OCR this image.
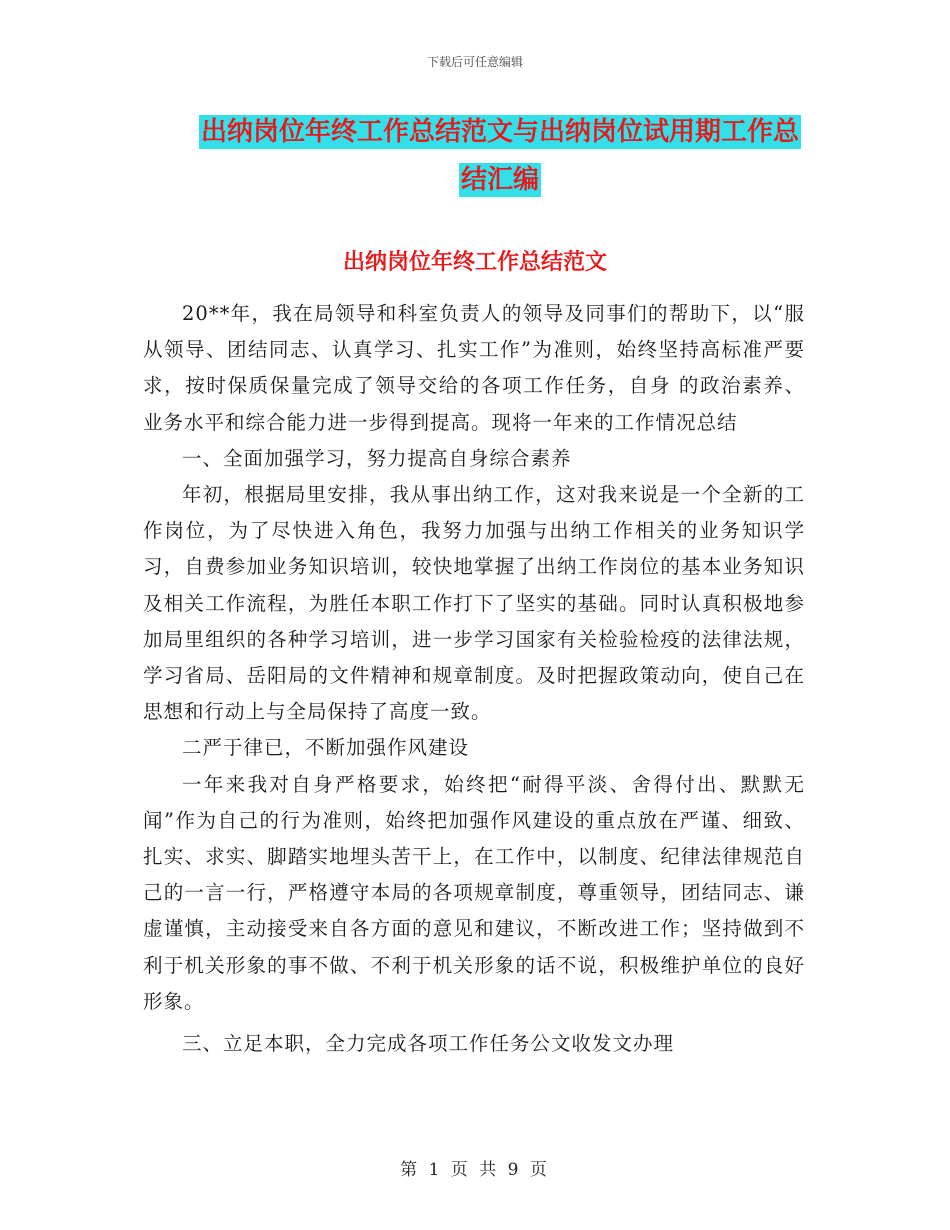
下载后可任意编辑
出纳岗位年终工作总结范文与出纳岗位试用期工作总
结汇编
出纳岗位年终工作总结范文

20**年，我在局领导和科室负责人的领导及同事们的帮助下，以“服从领导、团结同志、认真学习、扎实工作”为准则，始终坚持高标准严要求，按时保质保量完成了领导交给的各项工作任务，自身 的政治素养、业务水平和综合能力进一步得到提高。现将一年来的工作情况总结

一、全面加强学习，努力提高自身综合素养

年初，根据局里安排，我从事出纳工作，这对我来说是一个全新的工作岗位，为了尽快进入角色，我努力加强与出纳工作相关的业务知识学习，自费参加业务知识培训，较快地掌握了出纳工作岗位的基本业务知识及相关工作流程，为胜任本职工作打下了坚实的基础。同时认真积极地参加局里组织的各种学习培训，进一步学习国家有关检验检疫的法律法规，学习省局、岳阳局的文件精神和规章制度。及时把握政策动向，使自己在思想和行动上与全局保持了高度一致。

二严于律已，不断加强作风建设

一年来我对自身严格要求，始终把“耐得平淡、舍得付出、默默无闻”作为自己的行为准则，始终把加强作风建设的重点放在严谨、细致、扎实、求实、脚踏实地埋头苦干上，在工作中，以制度、纪律法律规范自己的一言一行，严格遵守本局的各项规章制度，尊重领导，团结同志、谦虚谨慎，主动接受来自各方面的意见和建议，不断改进工作；坚持做到不利于机关形象的事不做、不利于机关形象的话不说，积极维护单位的良好形象。

三、立足本职，全力完成各项工作任务公文收发文办理

第 1 页 共 9 页
